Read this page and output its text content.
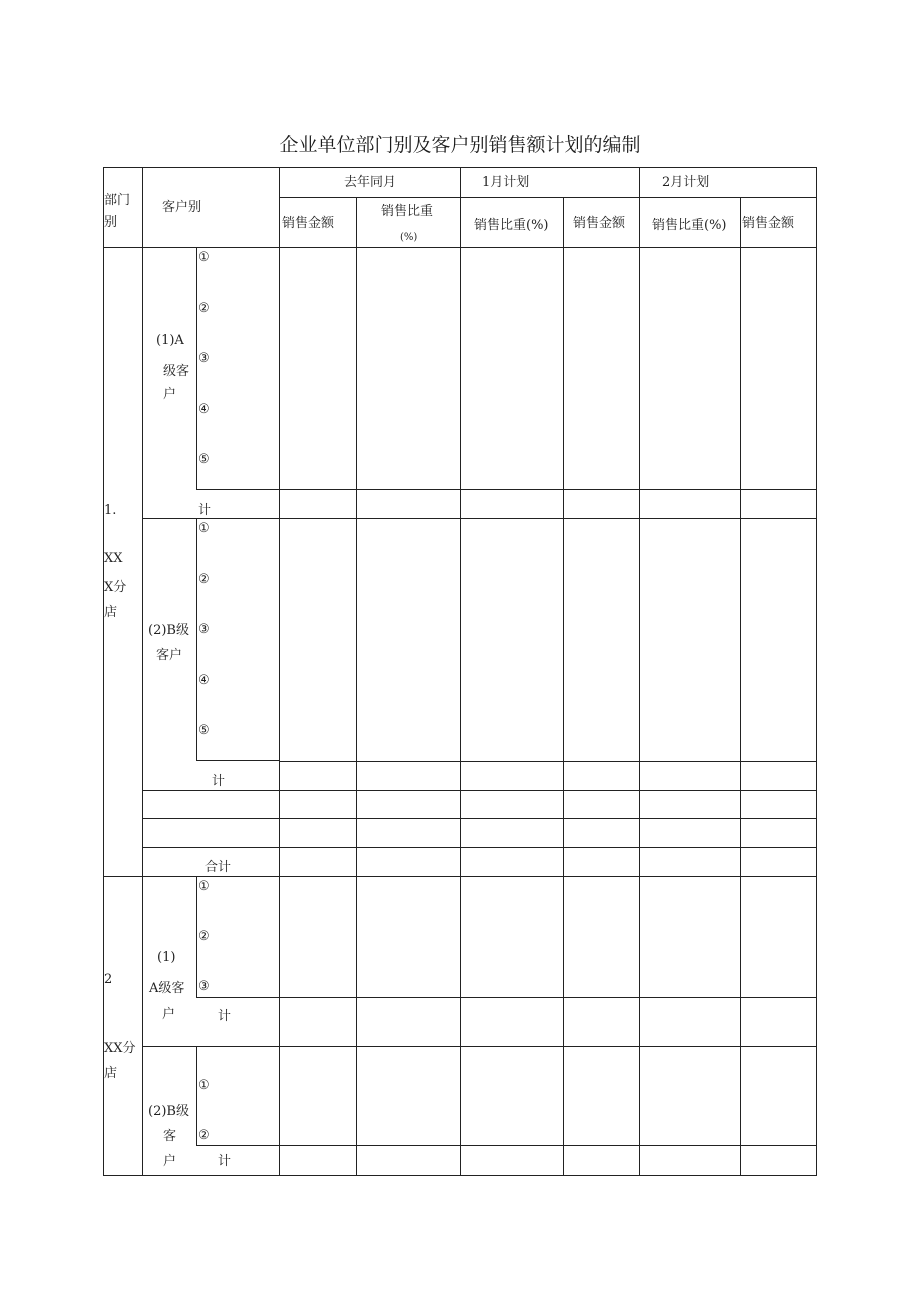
企业单位部门别及客户别销售额计划的编制
部门
别
客户别
去年同月	1月计划	2月计划
销售金额
销售比重
(%)
销售比重(%) 销售金额 销售比重(%) 销售金额
1.
XX
X分
店
(1)A
级客
户
①
②
③
④
⑤
计
(2)B级
客户
①
②
③
④
⑤
计
合计
2
XX分
店
(1)
A级客
户
①
②
③
计
(2)B级
客
户
①
②
计
